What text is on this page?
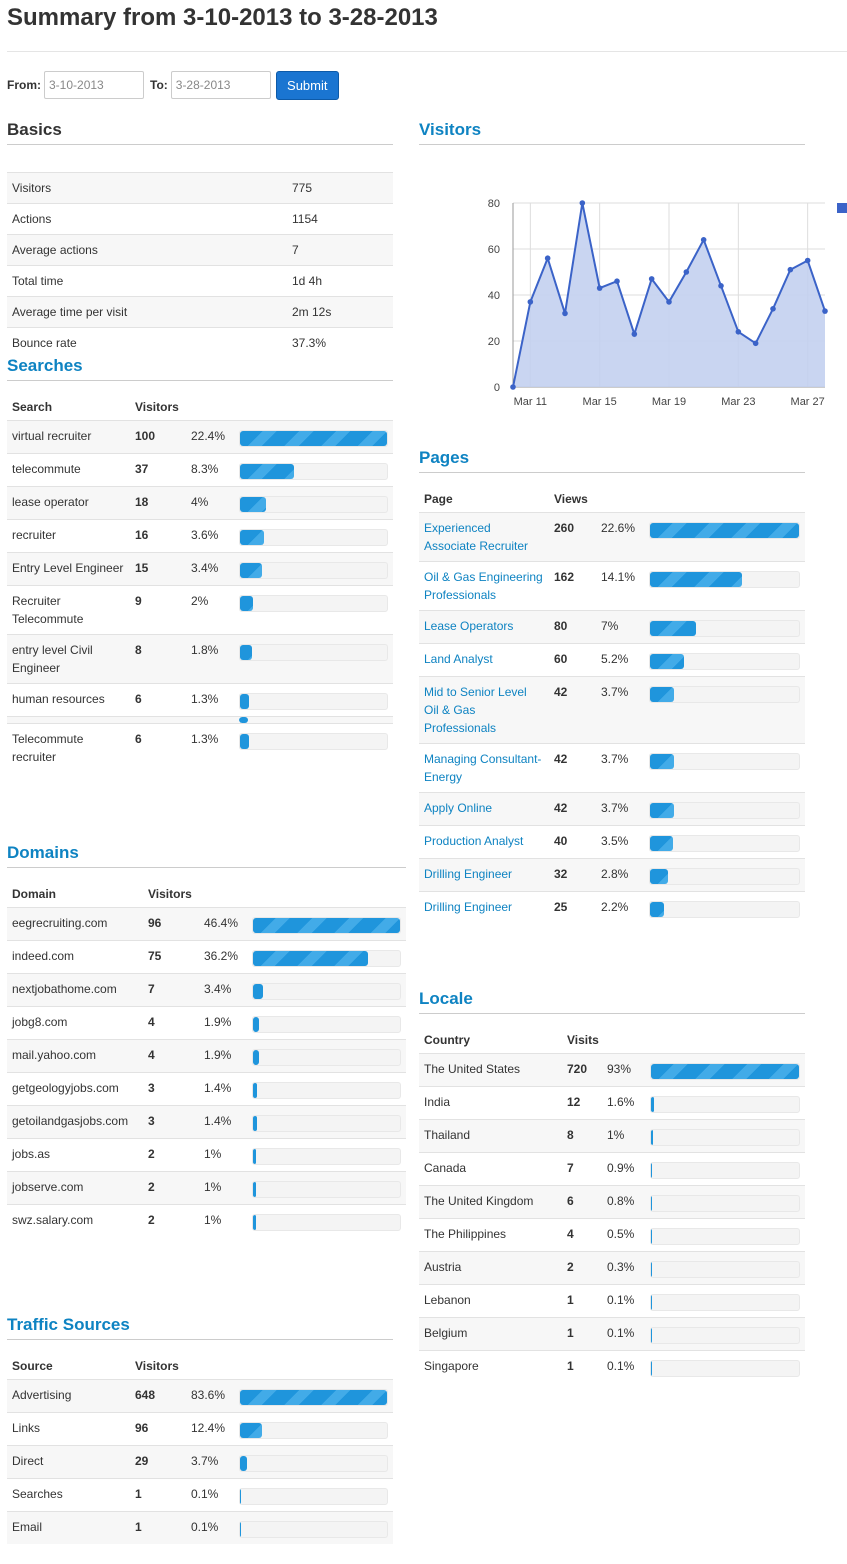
Summary from 3-10-2013 to 3-28-2013
From:
3-10-2013	To:
3-28-2013	Submit
Basics
Visitors	775
Actions	1154
Average actions	7
Total time	1d 4h
Average time per visit	2m 12s
Bounce rate	37.3%
Searches
Search	Visitors		
virtual recruiter	100	22.4%	

telecommute	37	8.3%	

lease operator	18	4%	

recruiter	16	3.6%	

Entry Level Engineer	15	3.4%	

Recruiter Telecommute	9	2%	

entry level Civil Engineer	8	1.8%	

human resources	6	1.3%	

Telecommute recruiter	6	1.3%	
Domains
Domain	Visitors		
eegrecruiting.com	96	46.4%	

indeed.com	75	36.2%	

nextjobathome.com	7	3.4%	

jobg8.com	4	1.9%	

mail.yahoo.com	4	1.9%	

getgeologyjobs.com	3	1.4%	

getoilandgasjobs.com	3	1.4%	

jobs.as	2	1%	

jobserve.com	2	1%	

swz.salary.com	2	1%	
Traffic Sources
Source	Visitors		
Advertising	648	83.6%	

Links	96	12.4%	

Direct	29	3.7%	

Searches	1	0.1%	

Email	1	0.1%	
Visitors
0
20
40
60
80
Mar 11	Mar 15	Mar 19	Mar 23	Mar 27
Pages
Page	Views		
Experienced Associate Recruiter	260	22.6%	

Oil & Gas Engineering Professionals	162	14.1%	

Lease Operators	80	7%	

Land Analyst	60	5.2%	

Mid to Senior Level Oil & Gas Professionals	42	3.7%	

Managing Consultant-Energy	42	3.7%	

Apply Online	42	3.7%	

Production Analyst	40	3.5%	

Drilling Engineer	32	2.8%	

Drilling Engineer	25	2.2%	
Locale
Country	Visits		
The United States	720	93%	

India	12	1.6%	

Thailand	8	1%	

Canada	7	0.9%	

The United Kingdom	6	0.8%	

The Philippines	4	0.5%	

Austria	2	0.3%	

Lebanon	1	0.1%	

Belgium	1	0.1%	

Singapore	1	0.1%	
